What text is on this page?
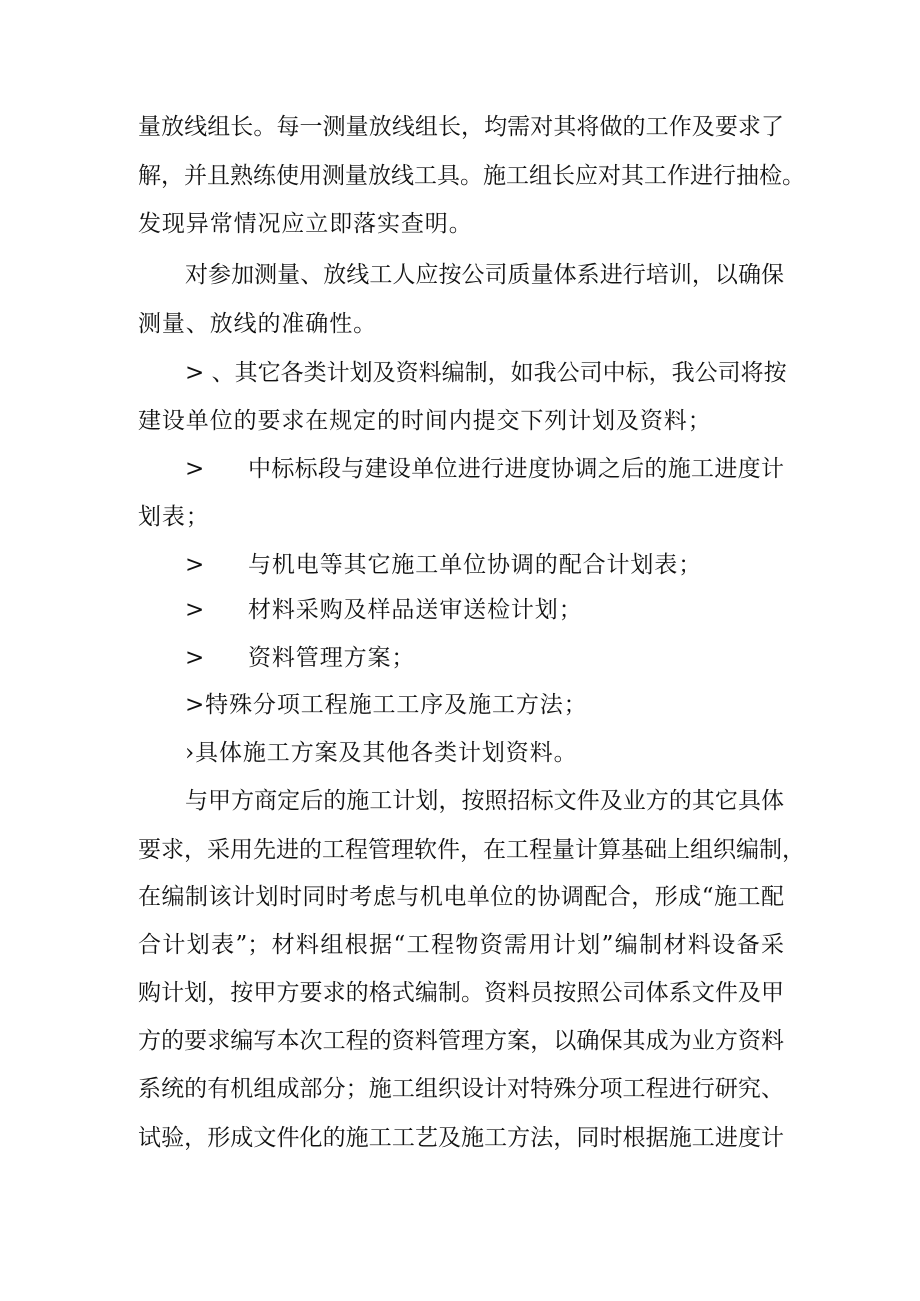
量放线组长。每一测量放线组长，均需对其将做的工作及要求了
解，并且熟练使用测量放线工具。施工组长应对其工作进行抽检。
发现异常情况应立即落实查明。
对参加测量、放线工人应按公司质量体系进行培训，以确保
测量、放线的准确性。
> 、其它各类计划及资料编制，如我公司中标，我公司将按
建设单位的要求在规定的时间内提交下列计划及资料；
> 中标标段与建设单位进行进度协调之后的施工进度计
划表；
> 与机电等其它施工单位协调的配合计划表；
> 材料采购及样品送审送检计划；
> 资料管理方案；
>特殊分项工程施工工序及施工方法；
›具体施工方案及其他各类计划资料。
与甲方商定后的施工计划，按照招标文件及业方的其它具体
要求，采用先进的工程管理软件，在工程量计算基础上组织编制，
在编制该计划时同时考虑与机电单位的协调配合，形成“施工配
合计划表”；材料组根据“工程物资需用计划”编制材料设备采
购计划，按甲方要求的格式编制。资料员按照公司体系文件及甲
方的要求编写本次工程的资料管理方案，以确保其成为业方资料
系统的有机组成部分；施工组织设计对特殊分项工程进行研究、
试验，形成文件化的施工工艺及施工方法，同时根据施工进度计
